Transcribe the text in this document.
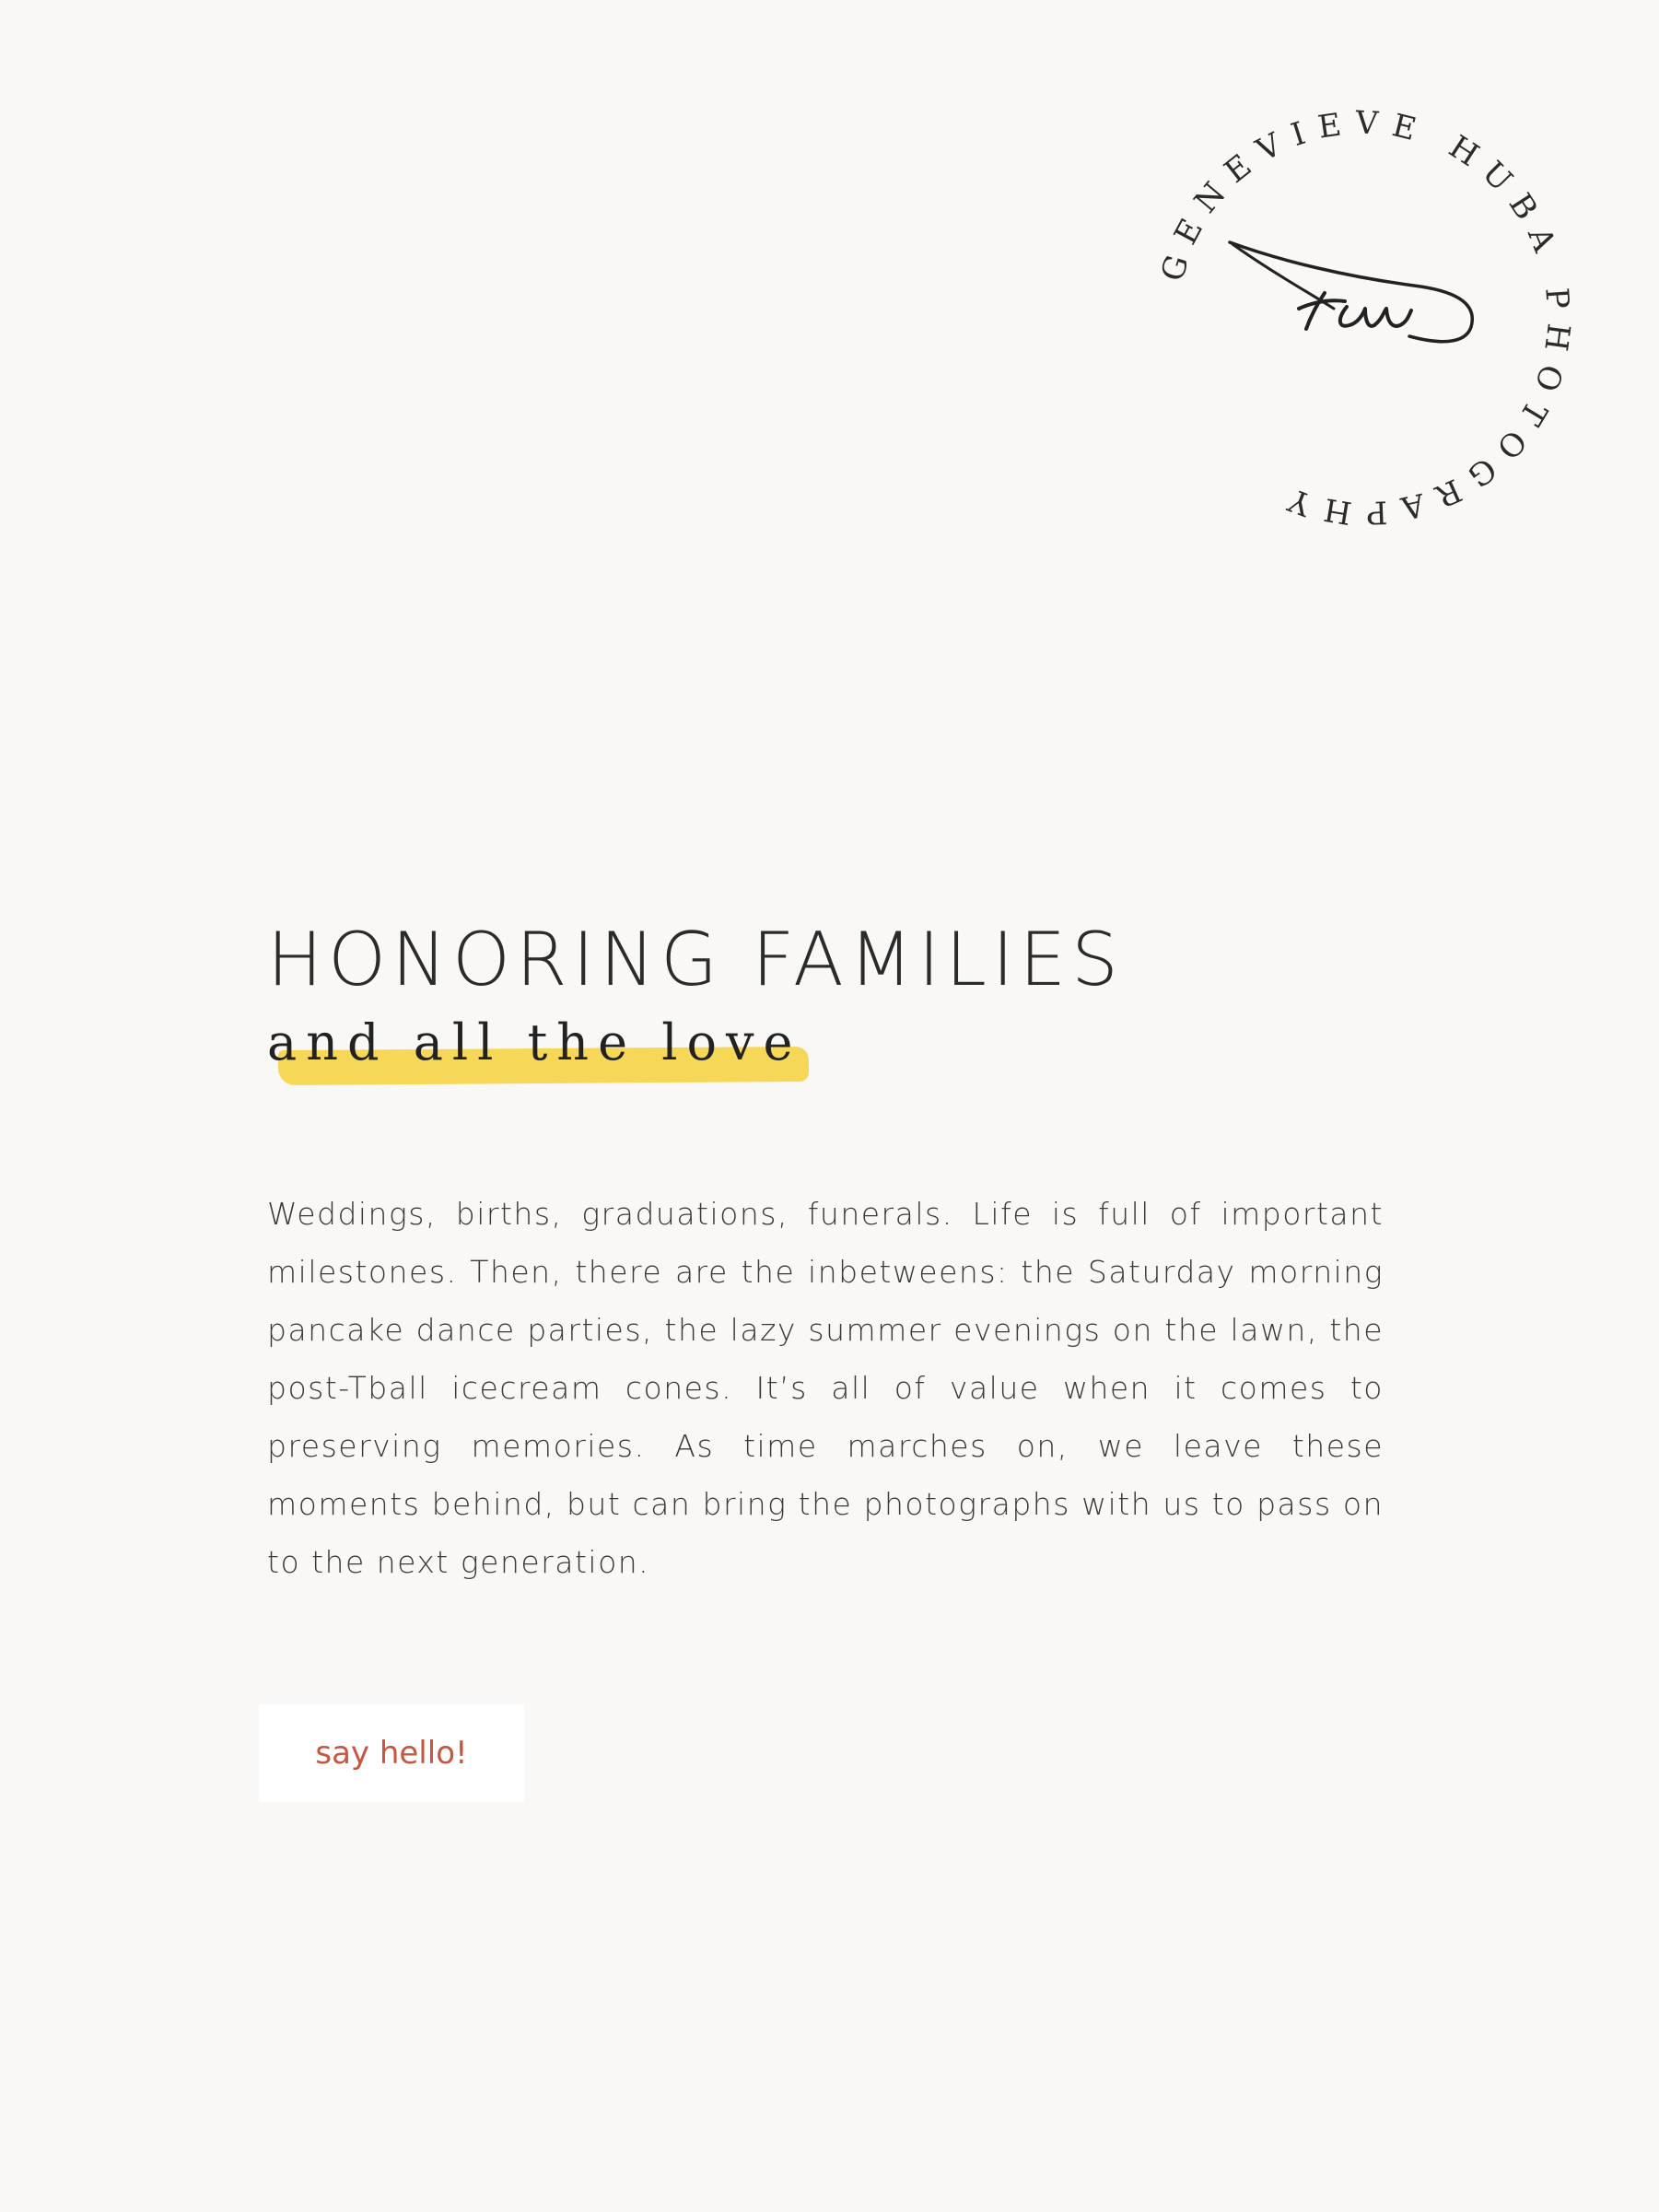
GENEVIEVE HUBA PHOTOGRAPHY
HONORING FAMILIES
and all the love

Weddings, births, graduations, funerals. Life is full of important milestones. Then, there are the inbetweens: the Saturday morning pancake dance parties, the lazy summer evenings on the lawn, the post-Tball icecream cones. It’s all of value when it comes to preserving memories. As time marches on, we leave these moments behind, but can bring the photographs with us to pass on to the next generation.

say hello!
